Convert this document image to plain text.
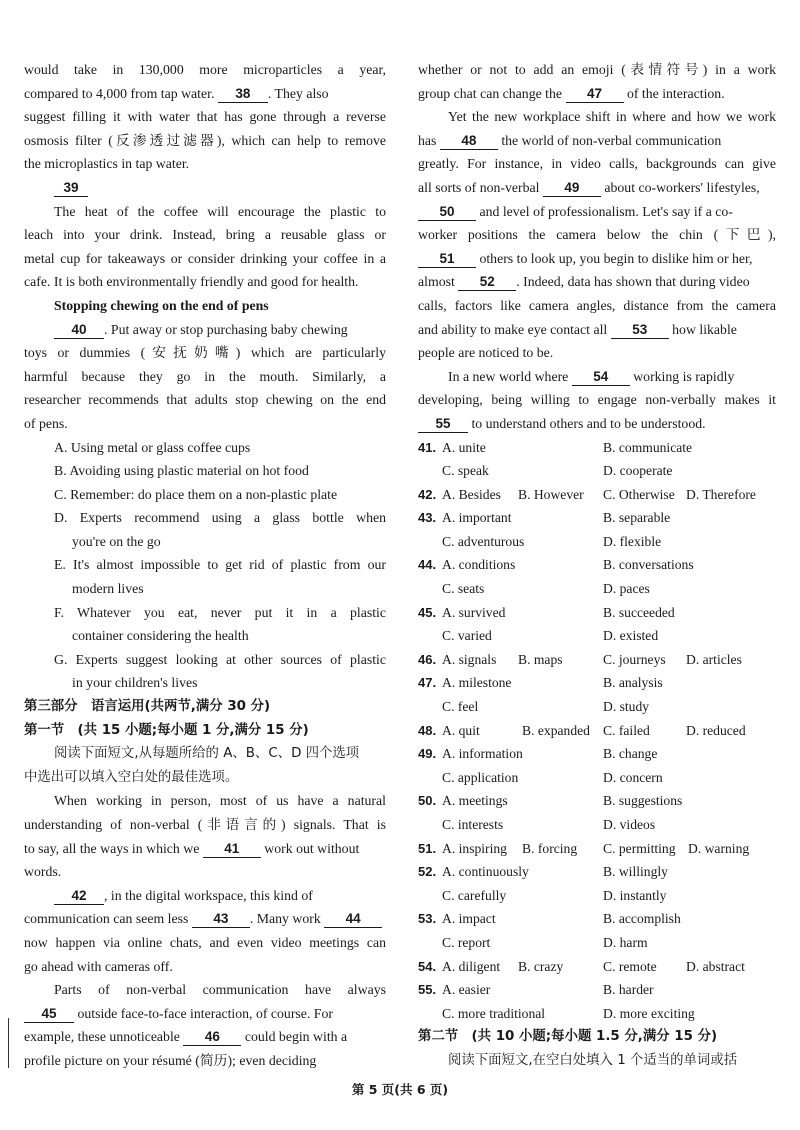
would take in 130,000 more microparticles a year,
compared to 4,000 from tap water. 38 . They also
suggest filling it with water that has gone through a reverse
osmosis filter (反渗透过滤器), which can help to remove
the microplastics in tap water.
39
The heat of the coffee will encourage the plastic to
leach into your drink. Instead, bring a reusable glass or
metal cup for takeaways or consider drinking your coffee in a
cafe. It is both environmentally friendly and good for health.
Stopping chewing on the end of pens
40 . Put away or stop purchasing baby chewing
toys or dummies (安抚奶嘴) which are particularly
harmful because they go in the mouth. Similarly, a
researcher recommends that adults stop chewing on the end
of pens.
A. Using metal or glass coffee cups
B. Avoiding using plastic material on hot food
C. Remember: do place them on a non-plastic plate
D. Experts recommend using a glass bottle when
you're on the go
E. It's almost impossible to get rid of plastic from our
modern lives
F. Whatever you eat, never put it in a plastic
container considering the health
G. Experts suggest looking at other sources of plastic
in your children's lives
第三部分　语言运用(共两节,满分 30 分)
第一节　(共 15 小题;每小题 1 分,满分 15 分)
阅读下面短文,从每题所给的 A、B、C、D 四个选项
中选出可以填入空白处的最佳选项。
When working in person, most of us have a natural
understanding of non-verbal (非语言的) signals. That is
to say, all the ways in which we 41 work out without
words.
42 , in the digital workspace, this kind of
communication can seem less 43 . Many work 44
now happen via online chats, and even video meetings can
go ahead with cameras off.
Parts of non-verbal communication have always
45 outside face-to-face interaction, of course. For
example, these unnoticeable 46 could begin with a
profile picture on your résumé (简历); even deciding
whether or not to add an emoji (表情符号) in a work
group chat can change the 47 of the interaction.
Yet the new workplace shift in where and how we work
has 48 the world of non-verbal communication
greatly. For instance, in video calls, backgrounds can give
all sorts of non-verbal 49 about co-workers' lifestyles,
50 and level of professionalism. Let's say if a co-
worker positions the camera below the chin (下巴),
51 others to look up, you begin to dislike him or her,
almost 52 . Indeed, data has shown that during video
calls, factors like camera angles, distance from the camera
and ability to make eye contact all 53 how likable
people are noticed to be.
In a new world where 54 working is rapidly
developing, being willing to engage non-verbally makes it
55 to understand others and to be understood.
41. A. unite	B. communicate
C. speak	D. cooperate
42. A. Besides B. However C. Otherwise D. Therefore
43. A. important	B. separable
C. adventurous	D. flexible
44. A. conditions	B. conversations
C. seats	D. paces
45. A. survived	B. succeeded
C. varied	D. existed
46. A. signals B. maps	C. journeys D. articles
47. A. milestone	B. analysis
C. feel	D. study
48. A. quit	B. expanded C. failed	D. reduced
49. A. information	B. change
C. application	D. concern
50. A. meetings	B. suggestions
C. interests	D. videos
51. A. inspiring B. forcing C. permitting D. warning
52. A. continuously	B. willingly
C. carefully	D. instantly
53. A. impact	B. accomplish
C. report	D. harm
54. A. diligent B. crazy	C. remote D. abstract
55. A. easier	B. harder
C. more traditional	D. more exciting
第二节　(共 10 小题;每小题 1.5 分,满分 15 分)
阅读下面短文,在空白处填入 1 个适当的单词或括
第 5 页(共 6 页)
